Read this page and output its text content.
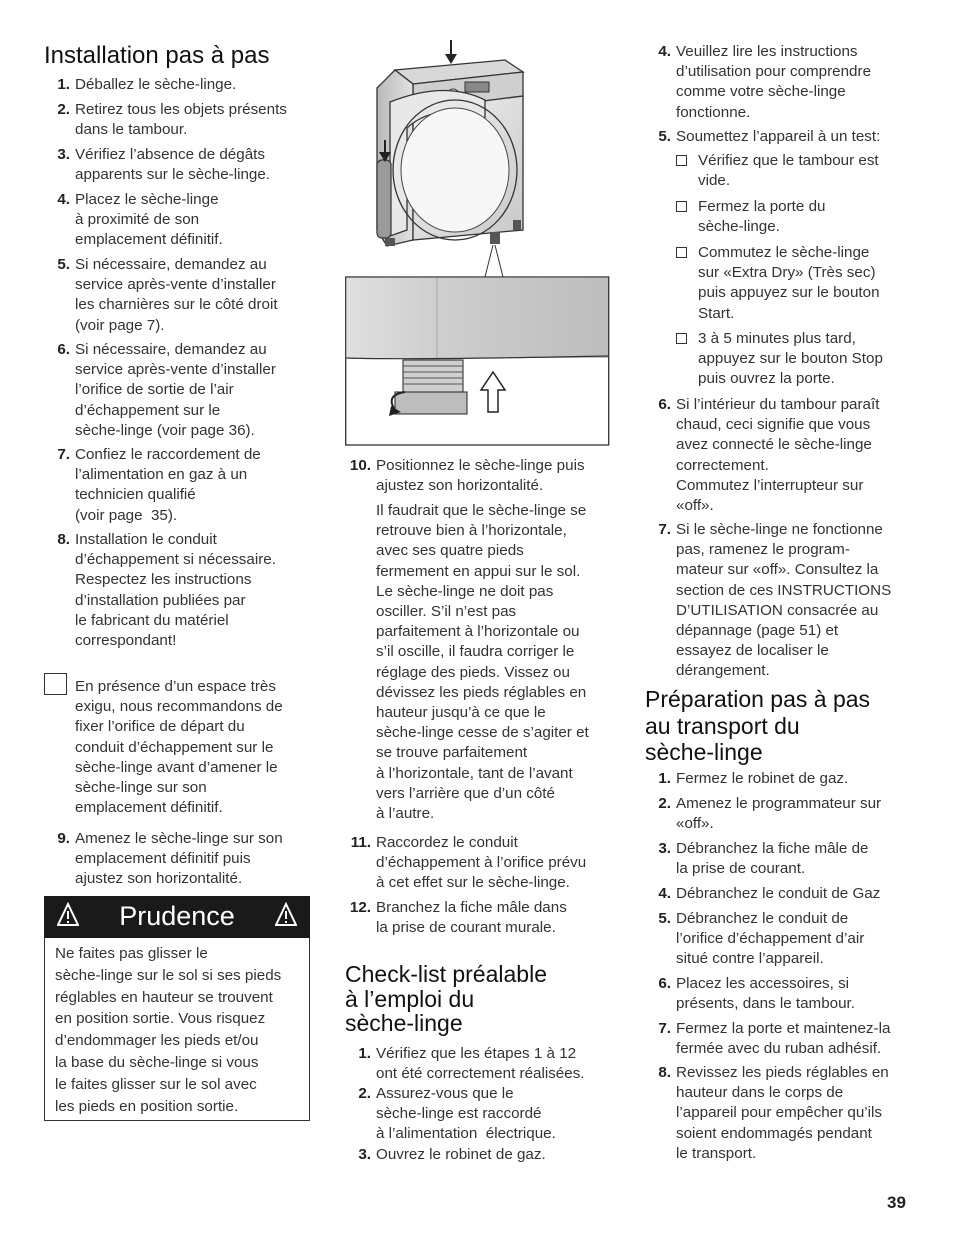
Installation pas à pas
1. Déballez le sèche-linge.
2. Retirez tous les objets présents
dans le tambour.
3. Vérifiez l’absence de dégâts
apparents sur le sèche-linge.
4. Placez le sèche-linge
à proximité de son
emplacement définitif.
5. Si nécessaire, demandez au
service après-vente d’installer
les charnières sur le côté droit
(voir page 7).
6. Si nécessaire, demandez au
service après-vente d’installer
l’orifice de sortie de l’air
d’échappement sur le
sèche-linge (voir page 36).
7. Confiez le raccordement de
l’alimentation en gaz à un
technicien qualifié
(voir page  35).
8. Installation le conduit
d’échappement si nécessaire.
Respectez les instructions
d’installation publiées par
le fabricant du matériel
correspondant!
En présence d’un espace très
exigu, nous recommandons de
fixer l’orifice de départ du
conduit d’échappement sur le
sèche-linge avant d’amener le
sèche-linge sur son
emplacement définitif.
9. Amenez le sèche-linge sur son
emplacement définitif puis
ajustez son horizontalité.
Prudence
Ne faites pas glisser le
sèche-linge sur le sol si ses pieds
réglables en hauteur se trouvent
en position sortie. Vous risquez
d’endommager les pieds et/ou
la base du sèche-linge si vous
le faites glisser sur le sol avec
les pieds en position sortie.
10. Positionnez le sèche-linge puis
ajustez son horizontalité.
Il faudrait que le sèche-linge se
retrouve bien à l’horizontale,
avec ses quatre pieds
fermement en appui sur le sol.
Le sèche-linge ne doit pas
osciller. S’il n’est pas
parfaitement à l’horizontale ou
s’il oscille, il faudra corriger le
réglage des pieds. Vissez ou
dévissez les pieds réglables en
hauteur jusqu’à ce que le
sèche-linge cesse de s’agiter et
se trouve parfaitement
à l’horizontale, tant de l’avant
vers l’arrière que d’un côté
à l’autre.
11. Raccordez le conduit
d’échappement à l’orifice prévu
à cet effet sur le sèche-linge.
12. Branchez la fiche mâle dans
la prise de courant murale.
Check-list préalable
à l’emploi du
sèche-linge
1. Vérifiez que les étapes 1 à 12
ont été correctement réalisées.
2. Assurez-vous que le
sèche-linge est raccordé
à l’alimentation  électrique.
3. Ouvrez le robinet de gaz.
4. Veuillez lire les instructions
d’utilisation pour comprendre
comme votre sèche-linge
fonctionne.
5. Soumettez l’appareil à un test:
Vérifiez que le tambour est
vide.
Fermez la porte du
sèche-linge.
Commutez le sèche-linge
sur «Extra Dry» (Très sec)
puis appuyez sur le bouton
Start.
3 à 5 minutes plus tard,
appuyez sur le bouton Stop
puis ouvrez la porte.
6. Si l’intérieur du tambour paraît
chaud, ceci signifie que vous
avez connecté le sèche-linge
correctement.
Commutez l’interrupteur sur
«off».
7. Si le sèche-linge ne fonctionne
pas, ramenez le program-
mateur sur «off». Consultez la
section de ces INSTRUCTIONS
D’UTILISATION consacrée au
dépannage (page 51) et
essayez de localiser le
dérangement.
Préparation pas à pas
au transport du
sèche-linge
1. Fermez le robinet de gaz.
2. Amenez le programmateur sur
«off».
3. Débranchez la fiche mâle de
la prise de courant.
4. Débranchez le conduit de Gaz
5. Débranchez le conduit de
l’orifice d’échappement d’air
situé contre l’appareil.
6. Placez les accessoires, si
présents, dans le tambour.
7. Fermez la porte et maintenez-la
fermée avec du ruban adhésif.
8. Revissez les pieds réglables en
hauteur dans le corps de
l’appareil pour empêcher qu’ils
soient endommagés pendant
le transport.
39
